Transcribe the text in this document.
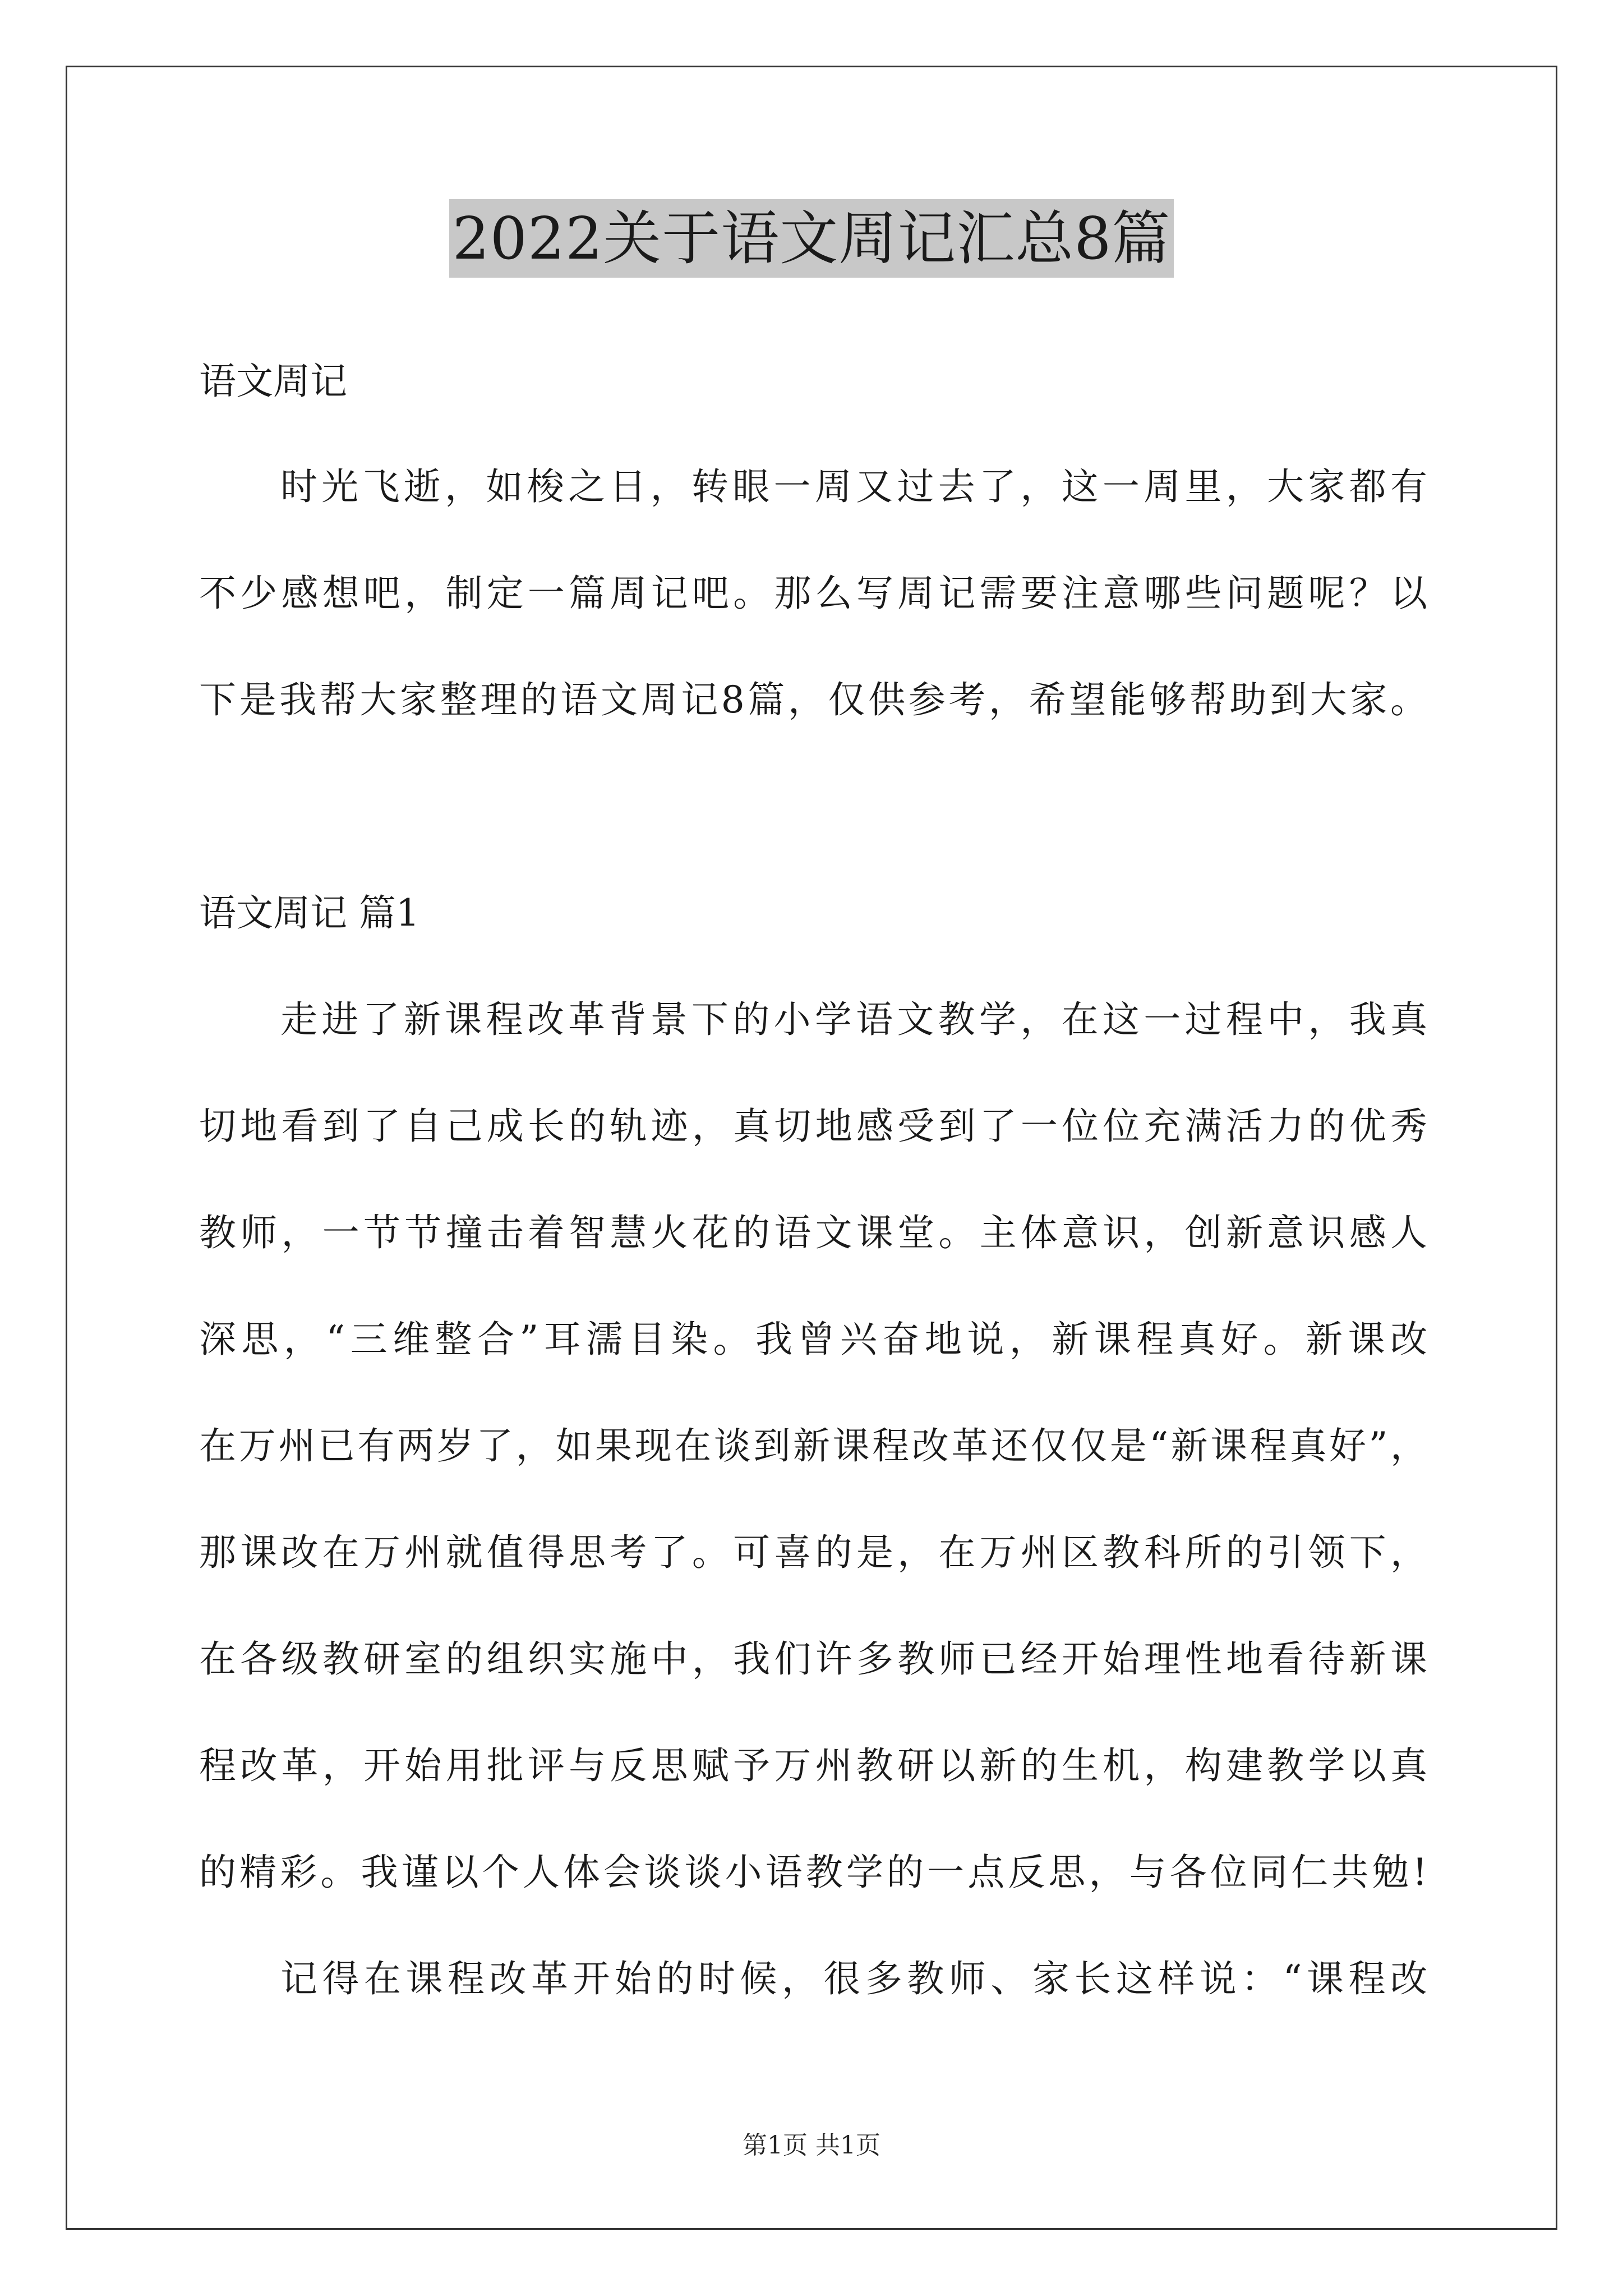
2022关于语文周记汇总8篇
语文周记
时光飞逝，如梭之日，转眼一周又过去了，这一周里，大家都有
不少感想吧，制定一篇周记吧。那么写周记需要注意哪些问题呢？以
下是我帮大家整理的语文周记8篇，仅供参考，希望能够帮助到大家。
语文周记 篇1
走进了新课程改革背景下的小学语文教学，在这一过程中，我真
切地看到了自己成长的轨迹，真切地感受到了一位位充满活力的优秀
教师，一节节撞击着智慧火花的语文课堂。主体意识，创新意识感人
深思，“三维整合”耳濡目染。我曾兴奋地说，新课程真好。新课改
在万州已有两岁了，如果现在谈到新课程改革还仅仅是“新课程真好”，
那课改在万州就值得思考了。可喜的是，在万州区教科所的引领下，
在各级教研室的组织实施中，我们许多教师已经开始理性地看待新课
程改革，开始用批评与反思赋予万州教研以新的生机，构建教学以真
的精彩。我谨以个人体会谈谈小语教学的一点反思，与各位同仁共勉!
记得在课程改革开始的时候，很多教师、家长这样说：“课程改
第1页 共1页
